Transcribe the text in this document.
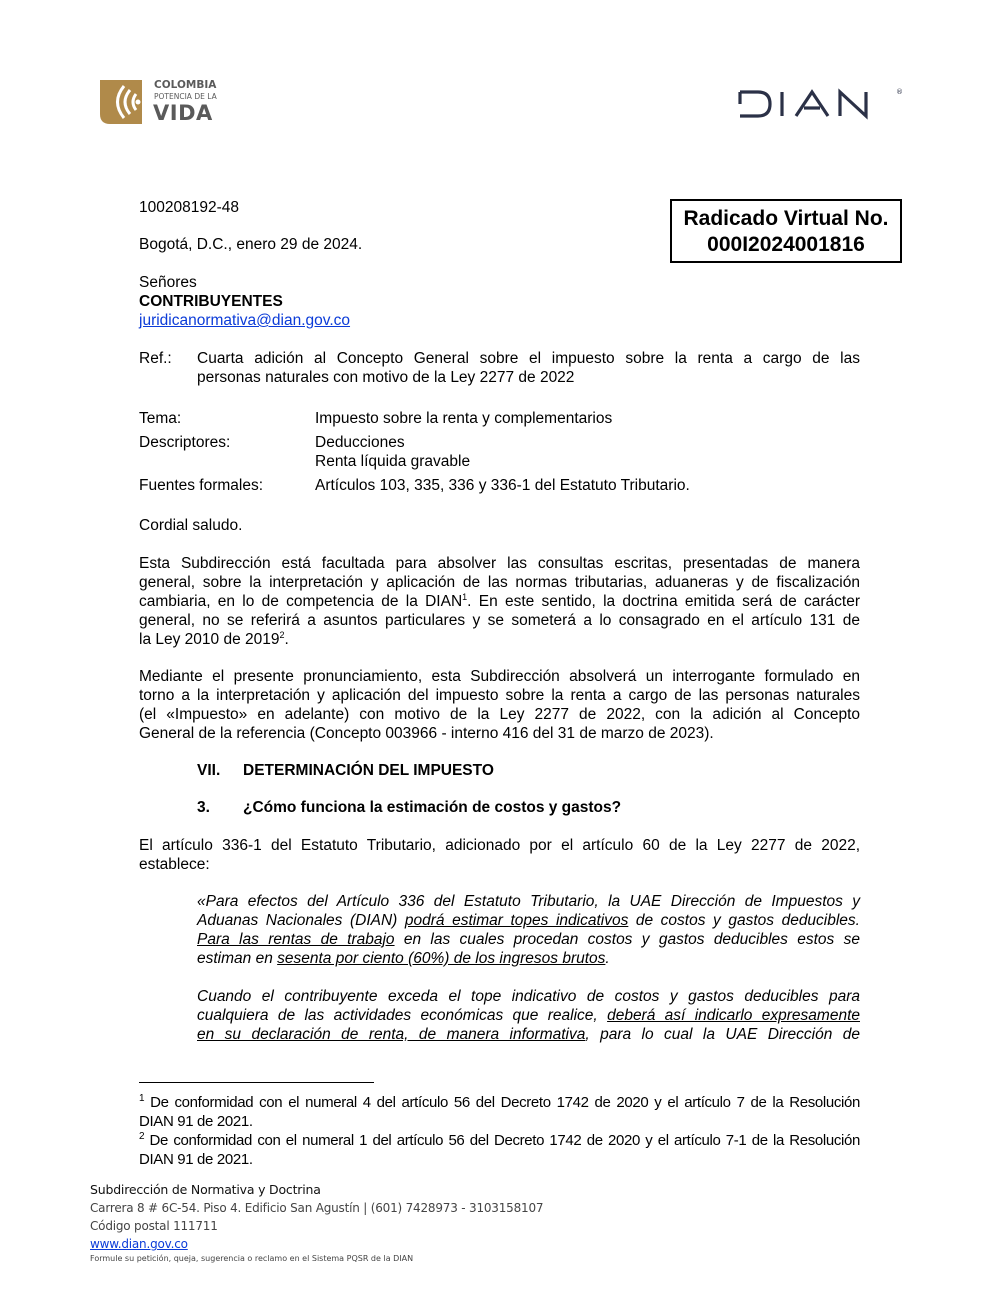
COLOMBIA
POTENCIA DE LA
VIDA
®
100208192-48
Bogotá, D.C., enero 29 de 2024.
Radicado Virtual No.
000I2024001816
Señores
CONTRIBUYENTES
juridicanormativa@dian.gov.co
Ref.: Cuarta adición al Concepto General sobre el impuesto sobre la renta a cargo de las
personas naturales con motivo de la Ley 2277 de 2022
Tema:	Impuesto sobre la renta y complementarios
Descriptores:	Deducciones
Renta líquida gravable
Fuentes formales:	Artículos 103, 335, 336 y 336-1 del Estatuto Tributario.
Cordial saludo.
Esta Subdirección está facultada para absolver las consultas escritas, presentadas de manera
general, sobre la interpretación y aplicación de las normas tributarias, aduaneras y de fiscalización
cambiaria, en lo de competencia de la DIAN$^1$. En este sentido, la doctrina emitida será de carácter
general, no se referirá a asuntos particulares y se someterá a lo consagrado en el artículo 131 de
la Ley 2010 de 2019$^2$.
Mediante el presente pronunciamiento, esta Subdirección absolverá un interrogante formulado en
torno a la interpretación y aplicación del impuesto sobre la renta a cargo de las personas naturales
(el «Impuesto» en adelante) con motivo de la Ley 2277 de 2022, con la adición al Concepto
General de la referencia (Concepto 003966 - interno 416 del 31 de marzo de 2023).
VII. DETERMINACIÓN DEL IMPUESTO
3. ¿Cómo funciona la estimación de costos y gastos?
El artículo 336-1 del Estatuto Tributario, adicionado por el artículo 60 de la Ley 2277 de 2022,
establece:
«Para efectos del Artículo 336 del Estatuto Tributario, la UAE Dirección de Impuestos y
Aduanas Nacionales (DIAN) podrá estimar topes indicativos de costos y gastos deducibles.
Para las rentas de trabajo en las cuales procedan costos y gastos deducibles estos se
estiman en sesenta por ciento (60%) de los ingresos brutos.
Cuando el contribuyente exceda el tope indicativo de costos y gastos deducibles para
cualquiera de las actividades económicas que realice, deberá así indicarlo expresamente
en su declaración de renta, de manera informativa, para lo cual la UAE Dirección de
$^1$ De conformidad con el numeral 4 del artículo 56 del Decreto 1742 de 2020 y el artículo 7 de la Resolución
DIAN 91 de 2021.
$^2$ De conformidad con el numeral 1 del artículo 56 del Decreto 1742 de 2020 y el artículo 7-1 de la Resolución
DIAN 91 de 2021.
Subdirección de Normativa y Doctrina
Carrera 8 # 6C-54. Piso 4. Edificio San Agustín | (601) 7428973 - 3103158107
Código postal 111711
www.dian.gov.co
Formule su petición, queja, sugerencia o reclamo en el Sistema PQSR de la DIAN
